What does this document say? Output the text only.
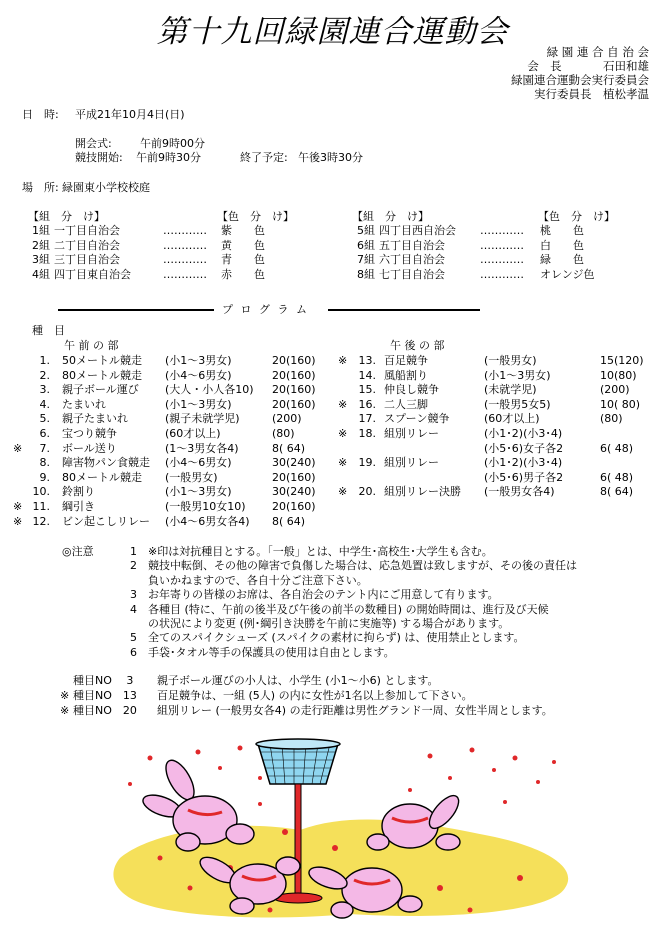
第十九回緑園連合運動会
緑 園 連 合 自 治 会
会　長	石田和雄
緑園連合運動会実行委員会
実行委員長　植松孝温
日　時: 平成21年10月4日(日)
開会式:	午前9時00分
競技開始: 午前9時30分	終了予定: 午後3時30分
場　所: 緑園東小学校校庭
【組　分　け】	【色　分　け】	【組　分　け】	【色　分　け】
1組 一丁目自治会	………… 紫　　色
2組 二丁目自治会	………… 黄　　色
3組 三丁目自治会	………… 青　　色
4組 四丁目東自治会	………… 赤　　色
5組 四丁目西自治会 ………… 桃　　色
6組 五丁目自治会	………… 白　　色
7組 六丁目自治会	………… 緑　　色
8組 七丁目自治会	………… オレンジ色
プ ロ グ ラ ム
種　目
午 前 の 部	午 後 の 部
1. 50メートル競走 (小1～3男女)	20(160)
2. 80メートル競走 (小4～6男女)	20(160)
3. 親子ボール運び (大人・小人各10) 20(160)
4. たまいれ	(小1～3男女)	20(160)
5. 親子たまいれ	(親子未就学児)	(200)
6. 宝つり競争	(60才以上)	(80)
※	7. ボール送り	(1～3男女各4)	8( 64)
8. 障害物パン食競走 (小4～6男女)	30(240)
9. 80メートル競走 (一般男女)	20(160)
10. 鈴割り	(小1～3男女)	30(240)
※ 11. 綱引き	(一般男10女10) 20(160)
※ 12. ビン起こしリレー (小4～6男女各4) 8( 64)
※	13. 百足競争	(一般男女)	15(120)
14. 風船割り	(小1～3男女)	10(80)
15. 仲良し競争	(未就学児)	(200)
※	16. 二人三脚	(一般男5女5)	10( 80)
17. スプーン競争	(60才以上)	(80)
※	18. 組別リレー	(小1･2)(小3･4)
(小5･6)女子各2	6( 48)
※	19. 組別リレー	(小1･2)(小3･4)
(小5･6)男子各2	6( 48)
※	20. 組別リレー決勝 (一般男女各4)	8( 64)
◎注意	1 ※印は対抗種目とする。「一般」とは、中学生･高校生･大学生も含む。
2 競技中転倒、その他の障害で負傷した場合は、応急処置は致しますが、その後の責任は
負いかねますので、各自十分ご注意下さい。
3 お年寄りの皆様のお席は、各自治会のテント内にご用意して有ります。
4 各種目 (特に、午前の後半及び午後の前半の数種目) の開始時間は、進行及び天候
の状況により変更 (例･綱引き決勝を午前に実施等) する場合があります。
5 全てのスパイクシューズ (スパイクの素材に拘らず) は、使用禁止とします。
6 手袋･タオル等手の保護具の使用は自由とします。
種目NO　 3 親子ボール運びの小人は、小学生 (小1～小6) とします。
※ 種目NO　13 百足競争は、一組 (5人) の内に女性が1名以上参加して下さい。
※ 種目NO　20 組別リレー (一般男女各4) の走行距離は男性グランド一周、女性半周とします。
